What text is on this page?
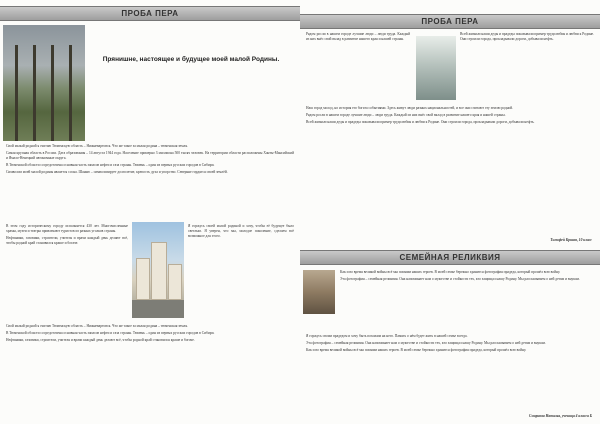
ПРОБА ПЕРА
Прянишне, настоящее и будущее моей малой Родины.

Свой малый родной я считаю Тюменскую область – Нижневартовск. Что же такое за малая родина – тюменская земля.

Самая крупная область в России. Дата образования – 14 августа 1944 года. Население примерно 3 миллиона 500 тысяч человек. На территории области расположены Ханты-Мансийский и Ямало-Ненецкий автономные округа.

В Тюменской области сосредоточена основная часть запасов нефти и газа страны. Тюмень – один из первых русских городов в Сибири.

Символом моей малой родины является сосна. Шанью – символизирует долголетие, крепость духа и упорство. Северяне гордятся своей землёй.

В этом году историческому городу исполняется 430 лет. Многочисленные храмы, музеи и театры привлекают туристов из разных уголков страны.

Нефтяники, газовики, строители, учителя и врачи каждый день делают всё, чтобы родной край становился краше и богаче.

Я горжусь своей малой родиной и хочу, чтобы её будущее было светлым. Я уверен, что мы, молодое поколение, сделаем всё возможное для этого.

Свой малый родной я считаю Тюменскую область – Нижневартовск. Что же такое за малая родина – тюменская земля.

В Тюменской области сосредоточена основная часть запасов нефти и газа страны. Тюмень – один из первых русских городов в Сибири.

Нефтяники, газовики, строители, учителя и врачи каждый день делают всё, чтобы родной край становился краше и богаче.

ПРОБА ПЕРА

Рядом росли в нашем городе лучшие люди – люди труда. Каждый из них внёс свой вклад в развитие нашего края и нашей страны.

Всей жизнью наши деды и прадеды показывали пример трудолюбия и любви к Родине. Они строили города, прокладывали дороги, добывали нефть.

Наш город молод, но история его богата событиями. Здесь живут люди разных национальностей, и все они считают эту землю родной.

Рядом росли в нашем городе лучшие люди – люди труда. Каждый из них внёс свой вклад в развитие нашего края и нашей страны.

Всей жизнью наши деды и прадеды показывали пример трудолюбия и любви к Родине. Они строили города, прокладывали дороги, добывали нефть.

Тимофей Кривов, 10 класс
СЕМЕЙНАЯ РЕЛИКВИЯ

Как и во время великой войны всё мы помним наших героев. В моей семье бережно хранится фотография прадеда, который прошёл всю войну.

Эта фотография – семейная реликвия. Она напоминает нам о мужестве и стойкости тех, кто защищал нашу Родину. Мы рассказываем о ней детям и внукам.

Я горжусь своим прадедом и хочу быть похожим на него. Память о нём будет жить в нашей семье всегда.

Эта фотография – семейная реликвия. Она напоминает нам о мужестве и стойкости тех, кто защищал нашу Родину. Мы рассказываем о ней детям и внукам.

Как и во время великой войны всё мы помним наших героев. В моей семье бережно хранится фотография прадеда, который прошёл всю войну.

Смирнова Наталья, ученица 4 класса Б
